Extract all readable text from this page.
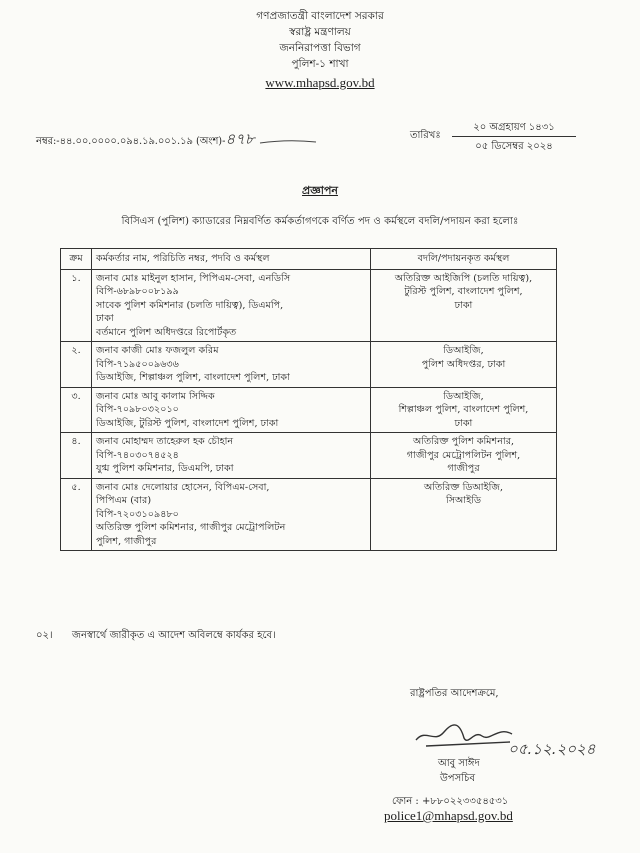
গণপ্রজাতন্ত্রী বাংলাদেশ সরকার
স্বরাষ্ট্র মন্ত্রণালয়
জননিরাপত্তা বিভাগ
পুলিশ-১ শাখা
www.mhapsd.gov.bd
নম্বর:-৪৪.০০.০০০০.০৯৪.১৯.০০১.১৯ (অংশ)-৪৭৮	তারিখঃ
২০ অগ্রহায়ণ ১৪৩১
০৫ ডিসেম্বর ২০২৪
প্রজ্ঞাপন
বিসিএস (পুলিশ) ক্যাডারের নিম্নবর্ণিত কর্মকর্তাগণকে বর্ণিত পদ ও কর্মস্থলে বদলি/পদায়ন করা হলোঃ
ক্রম	কর্মকর্তার নাম, পরিচিতি নম্বর, পদবি ও কর্মস্থল	বদলি/পদায়নকৃত কর্মস্থল
১.	জনাব মোঃ মাইনুল হাসান, পিপিএম-সেবা, এনডিসি
বিপি-৬৮৯৮০০৮১৯৯
সাবেক পুলিশ কমিশনার (চলতি দায়িত্ব), ডিএমপি,
ঢাকা
বর্তমানে পুলিশ অধিদপ্তরে রিপোর্টকৃত	অতিরিক্ত আইজিপি (চলতি দায়িত্ব),
টুরিস্ট পুলিশ, বাংলাদেশ পুলিশ,
ঢাকা

২.	জনাব কাজী মোঃ ফজলুল করিম
বিপি-৭১৯৫০০৯৬৩৬
ডিআইজি, শিল্পাঞ্চল পুলিশ, বাংলাদেশ পুলিশ, ঢাকা	ডিআইজি,
পুলিশ অধিদপ্তর, ঢাকা

৩.	জনাব মোঃ আবু কালাম সিদ্দিক
বিপি-৭০৯৮০৩২০১০
ডিআইজি, টুরিস্ট পুলিশ, বাংলাদেশ পুলিশ, ঢাকা	ডিআইজি,
শিল্পাঞ্চল পুলিশ, বাংলাদেশ পুলিশ,
ঢাকা

৪.	জনাব মোহাম্মদ তাহেরুল হক চৌহান
বিপি-৭৪০৩০৭৪৫২৪
যুগ্ম পুলিশ কমিশনার, ডিএমপি, ঢাকা	অতিরিক্ত পুলিশ কমিশনার,
গাজীপুর মেট্রোপলিটন পুলিশ,
গাজীপুর

৫.	জনাব মোঃ দেলোয়ার হোসেন, বিপিএম-সেবা,
পিপিএম (বার)
বিপি-৭২০৩১০৯৪৮০
অতিরিক্ত পুলিশ কমিশনার, গাজীপুর মেট্রোপলিটন
পুলিশ, গাজীপুর	অতিরিক্ত ডিআইজি,
সিআইডি
০২। জনস্বার্থে জারীকৃত এ আদেশ অবিলম্বে কার্যকর হবে।
রাষ্ট্রপতির আদেশক্রমে,
০৫.১২.২০২৪
আবু সাঈদ
উপসচিব
ফোন : +৮৮০২২৩৩৫৪৫৩১
police1@mhapsd.gov.bd
